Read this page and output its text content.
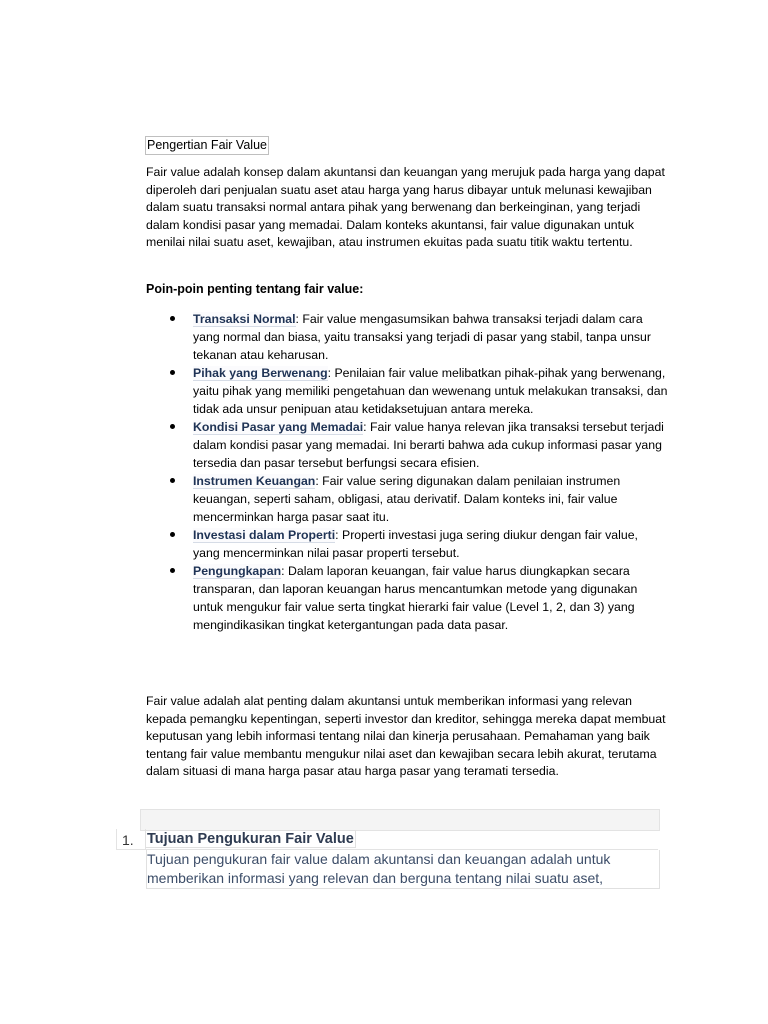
Pengertian Fair Value
Fair value adalah konsep dalam akuntansi dan keuangan yang merujuk pada harga yang dapat diperoleh dari penjualan suatu aset atau harga yang harus dibayar untuk melunasi kewajiban dalam suatu transaksi normal antara pihak yang berwenang dan berkeinginan, yang terjadi dalam kondisi pasar yang memadai. Dalam konteks akuntansi, fair value digunakan untuk menilai nilai suatu aset, kewajiban, atau instrumen ekuitas pada suatu titik waktu tertentu.
Poin-poin penting tentang fair value:
Transaksi Normal: Fair value mengasumsikan bahwa transaksi terjadi dalam cara yang normal dan biasa, yaitu transaksi yang terjadi di pasar yang stabil, tanpa unsur tekanan atau keharusan.
Pihak yang Berwenang: Penilaian fair value melibatkan pihak-pihak yang berwenang, yaitu pihak yang memiliki pengetahuan dan wewenang untuk melakukan transaksi, dan tidak ada unsur penipuan atau ketidaksetujuan antara mereka.
Kondisi Pasar yang Memadai: Fair value hanya relevan jika transaksi tersebut terjadi dalam kondisi pasar yang memadai. Ini berarti bahwa ada cukup informasi pasar yang tersedia dan pasar tersebut berfungsi secara efisien.
Instrumen Keuangan: Fair value sering digunakan dalam penilaian instrumen keuangan, seperti saham, obligasi, atau derivatif. Dalam konteks ini, fair value mencerminkan harga pasar saat itu.
Investasi dalam Properti: Properti investasi juga sering diukur dengan fair value, yang mencerminkan nilai pasar properti tersebut.
Pengungkapan: Dalam laporan keuangan, fair value harus diungkapkan secara transparan, dan laporan keuangan harus mencantumkan metode yang digunakan untuk mengukur fair value serta tingkat hierarki fair value (Level 1, 2, dan 3) yang mengindikasikan tingkat ketergantungan pada data pasar.
Fair value adalah alat penting dalam akuntansi untuk memberikan informasi yang relevan kepada pemangku kepentingan, seperti investor dan kreditor, sehingga mereka dapat membuat keputusan yang lebih informasi tentang nilai dan kinerja perusahaan. Pemahaman yang baik tentang fair value membantu mengukur nilai aset dan kewajiban secara lebih akurat, terutama dalam situasi di mana harga pasar atau harga pasar yang teramati tersedia.
1. Tujuan Pengukuran Fair Value
Tujuan pengukuran fair value dalam akuntansi dan keuangan adalah untuk
memberikan informasi yang relevan dan berguna tentang nilai suatu aset,
